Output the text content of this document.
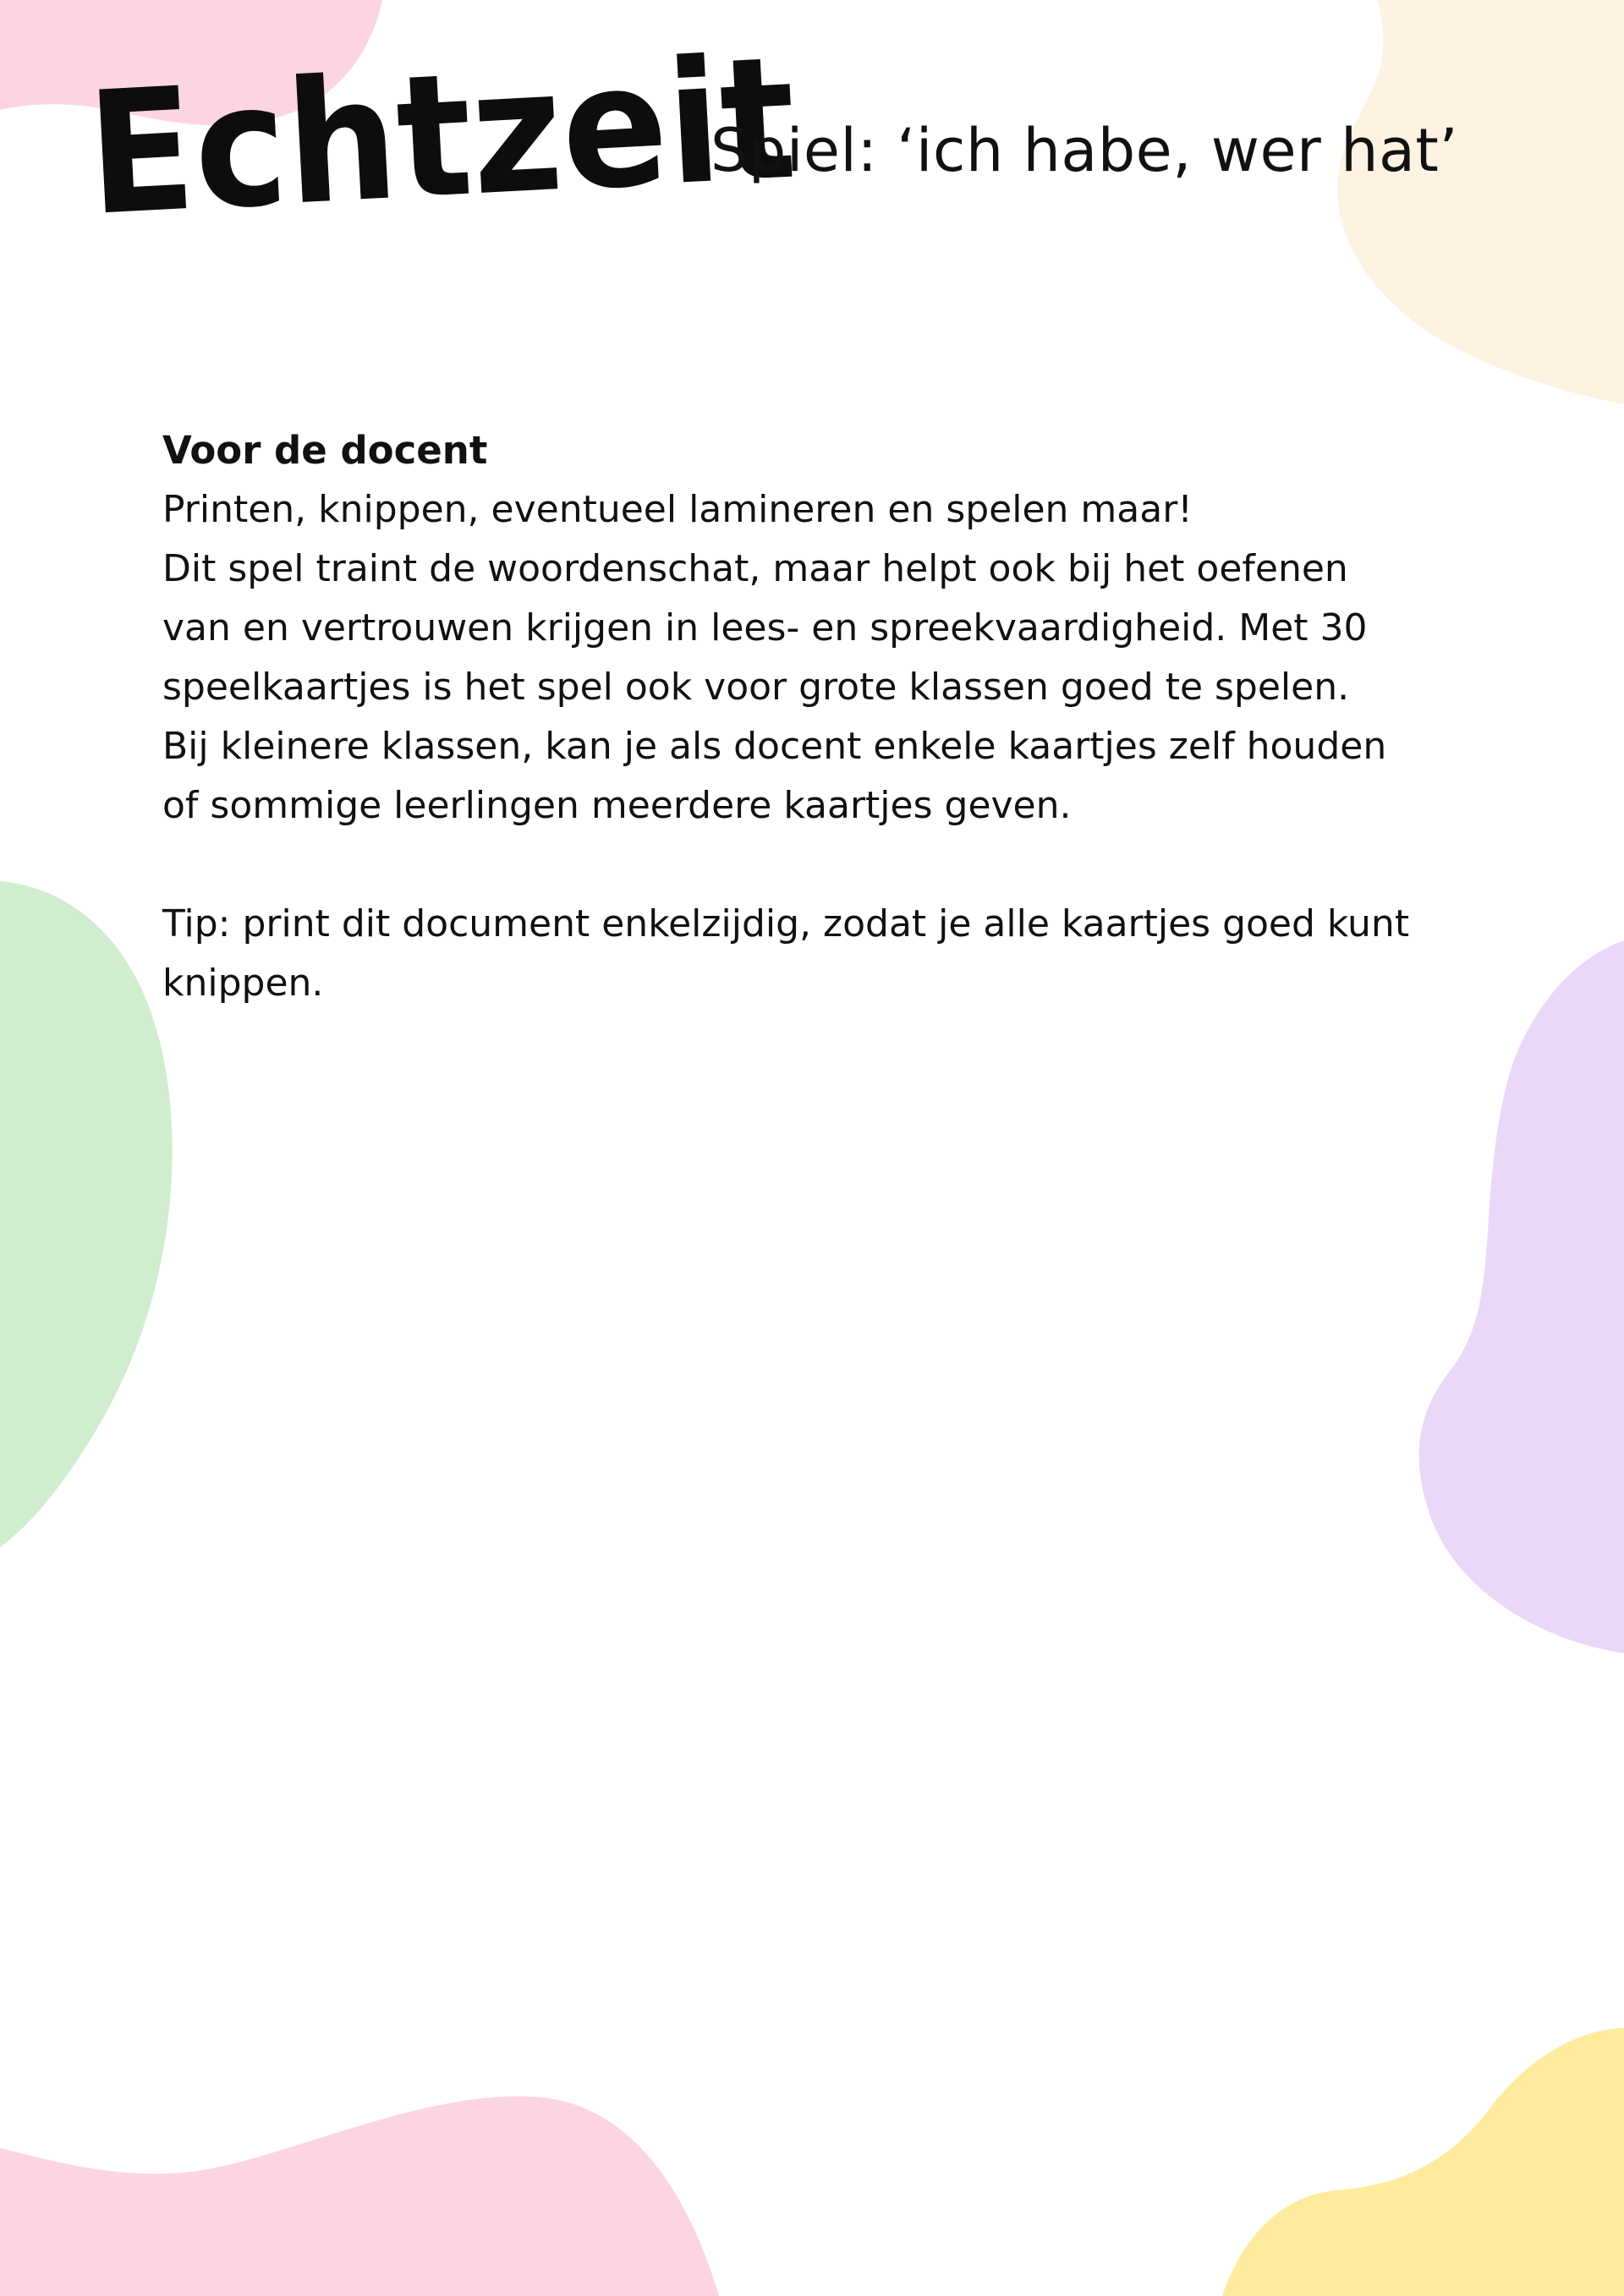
Echtzeit
Spiel: ‘ich habe, wer hat’
Voor de docent

Printen, knippen, eventueel lamineren en spelen maar!

Dit spel traint de woordenschat, maar helpt ook bij het oefenen

van en vertrouwen krijgen in lees- en spreekvaardigheid. Met 30

speelkaartjes is het spel ook voor grote klassen goed te spelen.

Bij kleinere klassen, kan je als docent enkele kaartjes zelf houden

of sommige leerlingen meerdere kaartjes geven.

Tip: print dit document enkelzijdig, zodat je alle kaartjes goed kunt

knippen.
